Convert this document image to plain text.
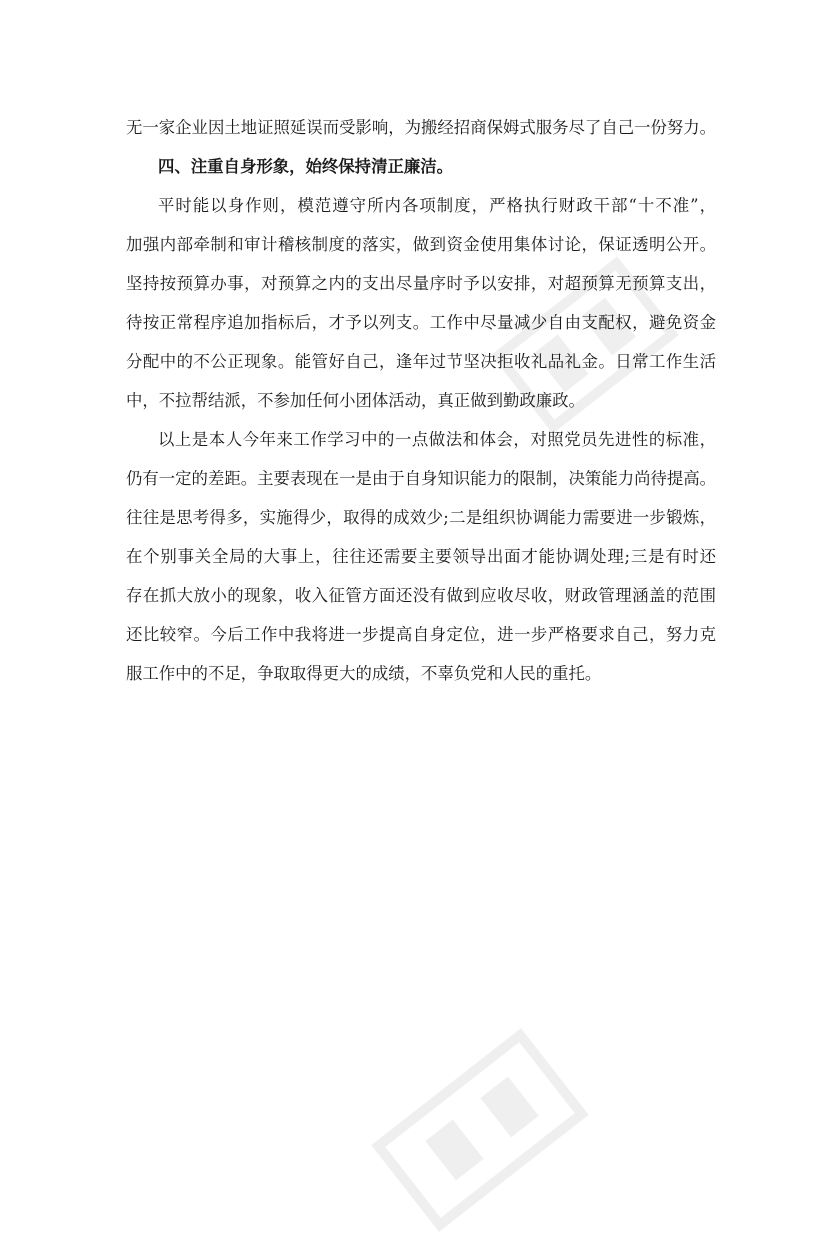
无一家企业因土地证照延误而受影响，为搬经招商保姆式服务尽了自己一份努力。
四、注重自身形象，始终保持清正廉洁。
平时能以身作则，模范遵守所内各项制度，严格执行财政干部“十不准”，
加强内部牵制和审计稽核制度的落实，做到资金使用集体讨论，保证透明公开。
坚持按预算办事，对预算之内的支出尽量序时予以安排，对超预算无预算支出，
待按正常程序追加指标后，才予以列支。工作中尽量减少自由支配权，避免资金
分配中的不公正现象。能管好自己，逢年过节坚决拒收礼品礼金。日常工作生活
中，不拉帮结派，不参加任何小团体活动，真正做到勤政廉政。
以上是本人今年来工作学习中的一点做法和体会，对照党员先进性的标准，
仍有一定的差距。主要表现在一是由于自身知识能力的限制，决策能力尚待提高。
往往是思考得多，实施得少，取得的成效少;二是组织协调能力需要进一步锻炼，
在个别事关全局的大事上，往往还需要主要领导出面才能协调处理;三是有时还
存在抓大放小的现象，收入征管方面还没有做到应收尽收，财政管理涵盖的范围
还比较窄。今后工作中我将进一步提高自身定位，进一步严格要求自己，努力克
服工作中的不足，争取取得更大的成绩，不辜负党和人民的重托。
